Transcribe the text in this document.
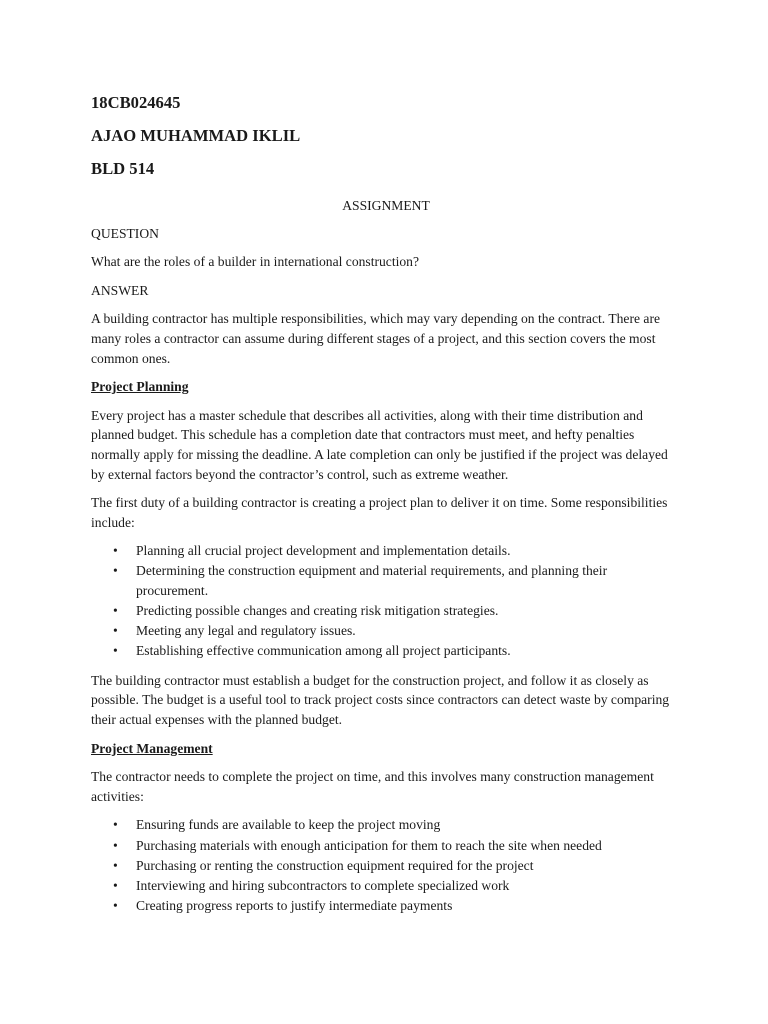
18CB024645
AJAO MUHAMMAD IKLIL
BLD 514
ASSIGNMENT

QUESTION

What are the roles of a builder in international construction?

ANSWER

A building contractor has multiple responsibilities, which may vary depending on the contract. There are many roles a contractor can assume during different stages of a project, and this section covers the most common ones.

Project Planning

Every project has a master schedule that describes all activities, along with their time distribution and planned budget. This schedule has a completion date that contractors must meet, and hefty penalties normally apply for missing the deadline. A late completion can only be justified if the project was delayed by external factors beyond the contractor’s control, such as extreme weather.

The first duty of a building contractor is creating a project plan to deliver it on time. Some responsibilities include:

• Planning all crucial project development and implementation details.
• Determining the construction equipment and material requirements, and planning their procurement.
• Predicting possible changes and creating risk mitigation strategies.
• Meeting any legal and regulatory issues.
• Establishing effective communication among all project participants.

The building contractor must establish a budget for the construction project, and follow it as closely as possible. The budget is a useful tool to track project costs since contractors can detect waste by comparing their actual expenses with the planned budget.

Project Management

The contractor needs to complete the project on time, and this involves many construction management activities:

• Ensuring funds are available to keep the project moving
• Purchasing materials with enough anticipation for them to reach the site when needed
• Purchasing or renting the construction equipment required for the project
• Interviewing and hiring subcontractors to complete specialized work
• Creating progress reports to justify intermediate payments
